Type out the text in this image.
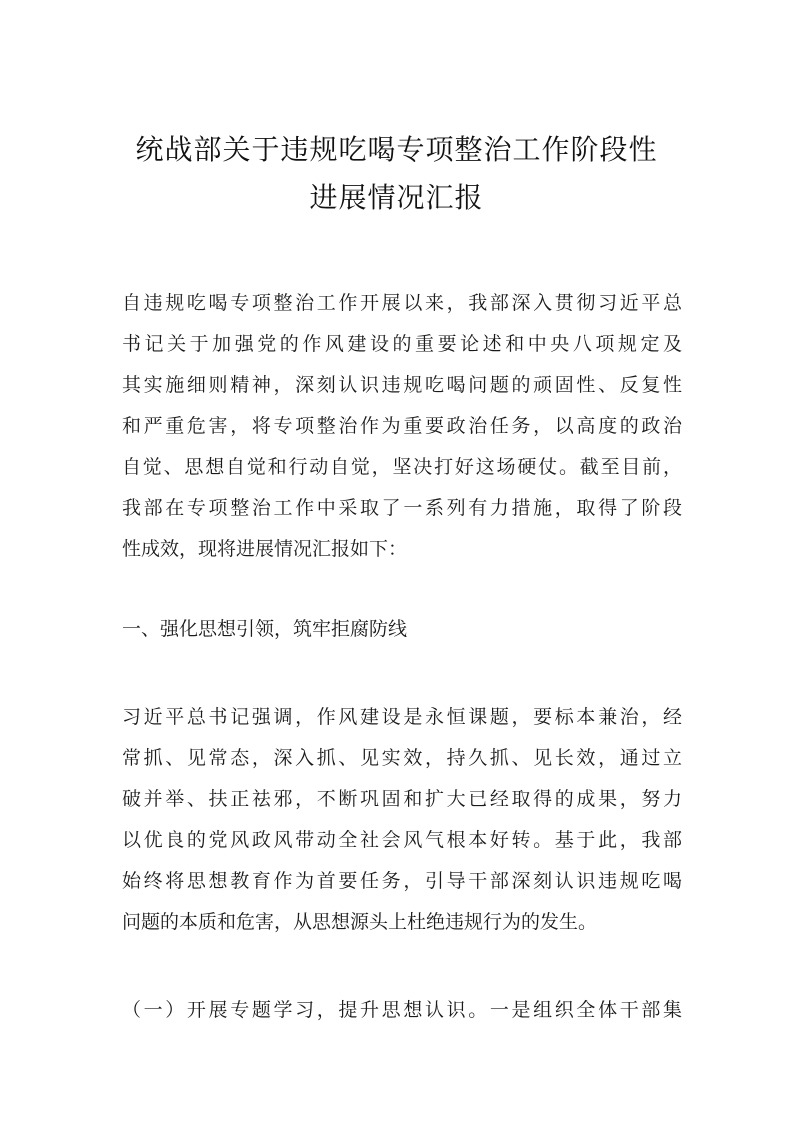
统战部关于违规吃喝专项整治工作阶段性
进展情况汇报
自违规吃喝专项整治工作开展以来，我部深入贯彻习近平总
书记关于加强党的作风建设的重要论述和中央八项规定及
其实施细则精神，深刻认识违规吃喝问题的顽固性、反复性
和严重危害，将专项整治作为重要政治任务，以高度的政治
自觉、思想自觉和行动自觉，坚决打好这场硬仗。截至目前，
我部在专项整治工作中采取了一系列有力措施，取得了阶段
性成效，现将进展情况汇报如下：
一、强化思想引领，筑牢拒腐防线
习近平总书记强调，作风建设是永恒课题，要标本兼治，经
常抓、见常态，深入抓、见实效，持久抓、见长效，通过立
破并举、扶正祛邪，不断巩固和扩大已经取得的成果，努力
以优良的党风政风带动全社会风气根本好转。基于此，我部
始终将思想教育作为首要任务，引导干部深刻认识违规吃喝
问题的本质和危害，从思想源头上杜绝违规行为的发生。
（一）开展专题学习，提升思想认识。一是组织全体干部集
